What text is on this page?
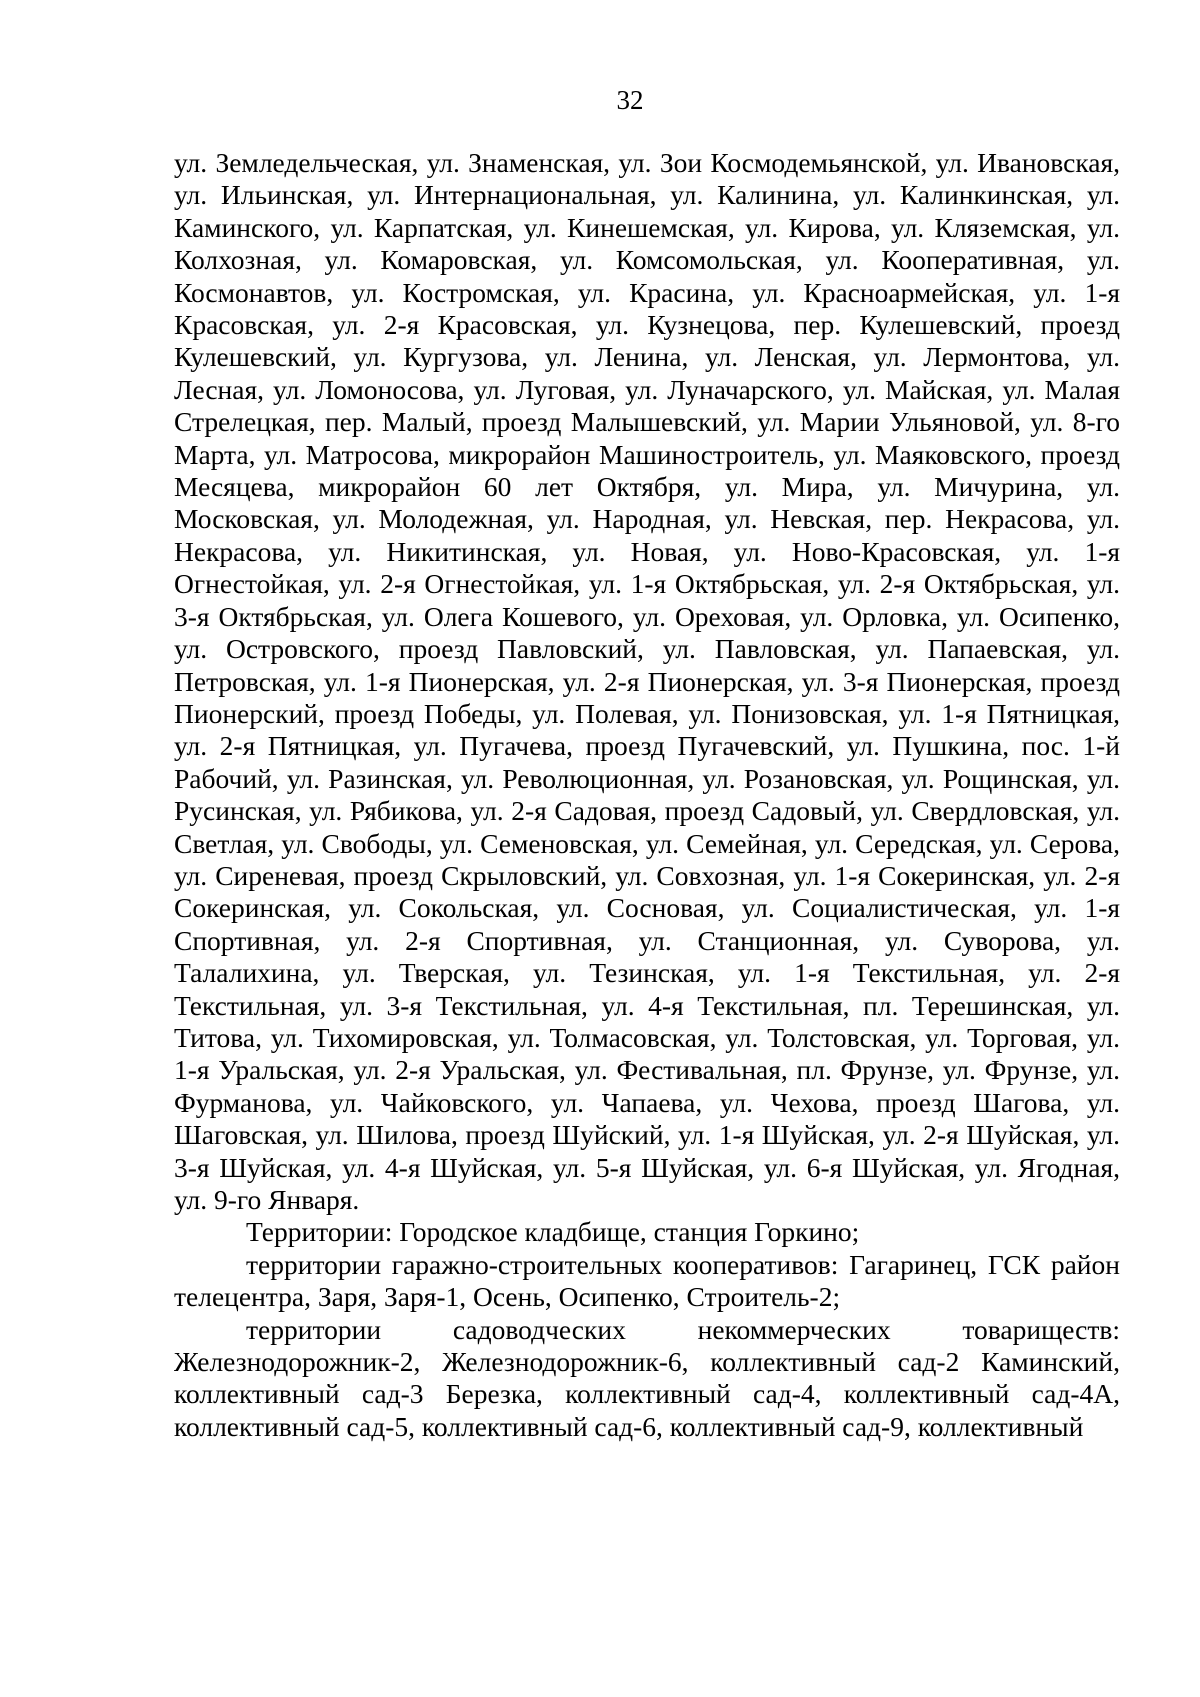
32

ул. Земледельческая, ул. Знаменская, ул. Зои Космодемьянской, ул. Ивановская, ул. Ильинская, ул. Интернациональная, ул. Калинина, ул. Калинкинская, ул. Каминского, ул. Карпатская, ул. Кинешемская, ул. Кирова, ул. Кляземская, ул. Колхозная, ул. Комаровская, ул. Комсомольская, ул. Кооперативная, ул. Космонавтов, ул. Костромская, ул. Красина, ул. Красноармейская, ул. 1-я Красовская, ул. 2-я Красовская, ул. Кузнецова, пер. Кулешевский, проезд Кулешевский, ул. Кургузова, ул. Ленина, ул. Ленская, ул. Лермонтова, ул. Лесная, ул. Ломоносова, ул. Луговая, ул. Луначарского, ул. Майская, ул. Малая Стрелецкая, пер. Малый, проезд Малышевский, ул. Марии Ульяновой, ул. 8-го Марта, ул. Матросова, микрорайон Машиностроитель, ул. Маяковского, проезд Месяцева, микрорайон 60 лет Октября, ул. Мира, ул. Мичурина, ул. Московская, ул. Молодежная, ул. Народная, ул. Невская, пер. Некрасова, ул. Некрасова, ул. Никитинская, ул. Новая, ул. Ново-Красовская, ул. 1-я Огнестойкая, ул. 2-я Огнестойкая, ул. 1-я Октябрьская, ул. 2-я Октябрьская, ул. 3-я Октябрьская, ул. Олега Кошевого, ул. Ореховая, ул. Орловка, ул. Осипенко, ул. Островского, проезд Павловский, ул. Павловская, ул. Папаевская, ул. Петровская, ул. 1-я Пионерская, ул. 2-я Пионерская, ул. 3-я Пионерская, проезд Пионерский, проезд Победы, ул. Полевая, ул. Понизовская, ул. 1-я Пятницкая, ул. 2-я Пятницкая, ул. Пугачева, проезд Пугачевский, ул. Пушкина, пос. 1-й Рабочий, ул. Разинская, ул. Революционная, ул. Розановская, ул. Рощинская, ул. Русинская, ул. Рябикова, ул. 2-я Садовая, проезд Садовый, ул. Свердловская, ул. Светлая, ул. Свободы, ул. Семеновская, ул. Семейная, ул. Середская, ул. Серова, ул. Сиреневая, проезд Скрыловский, ул. Совхозная, ул. 1-я Сокеринская, ул. 2-я Сокеринская, ул. Сокольская, ул. Сосновая, ул. Социалистическая, ул. 1-я Спортивная, ул. 2-я Спортивная, ул. Станционная, ул. Суворова, ул. Талалихина, ул. Тверская, ул. Тезинская, ул. 1-я Текстильная, ул. 2-я Текстильная, ул. 3-я Текстильная, ул. 4-я Текстильная, пл. Терешинская, ул. Титова, ул. Тихомировская, ул. Толмасовская, ул. Толстовская, ул. Торговая, ул. 1-я Уральская, ул. 2-я Уральская, ул. Фестивальная, пл. Фрунзе, ул. Фрунзе, ул. Фурманова, ул. Чайковского, ул. Чапаева, ул. Чехова, проезд Шагова, ул. Шаговская, ул. Шилова, проезд Шуйский, ул. 1-я Шуйская, ул. 2-я Шуйская, ул. 3-я Шуйская, ул. 4-я Шуйская, ул. 5-я Шуйская, ул. 6-я Шуйская, ул. Ягодная, ул. 9-го Января.

Территории: Городское кладбище, станция Горкино;

территории гаражно-строительных кооперативов: Гагаринец, ГСК район телецентра, Заря, Заря-1, Осень, Осипенко, Строитель-2;

территории садоводческих некоммерческих товариществ: Железнодорожник-2, Железнодорожник-6, коллективный сад-2 Каминский, коллективный сад-3 Березка, коллективный сад-4, коллективный сад-4А, коллективный сад-5, коллективный сад-6, коллективный сад-9, коллективный
